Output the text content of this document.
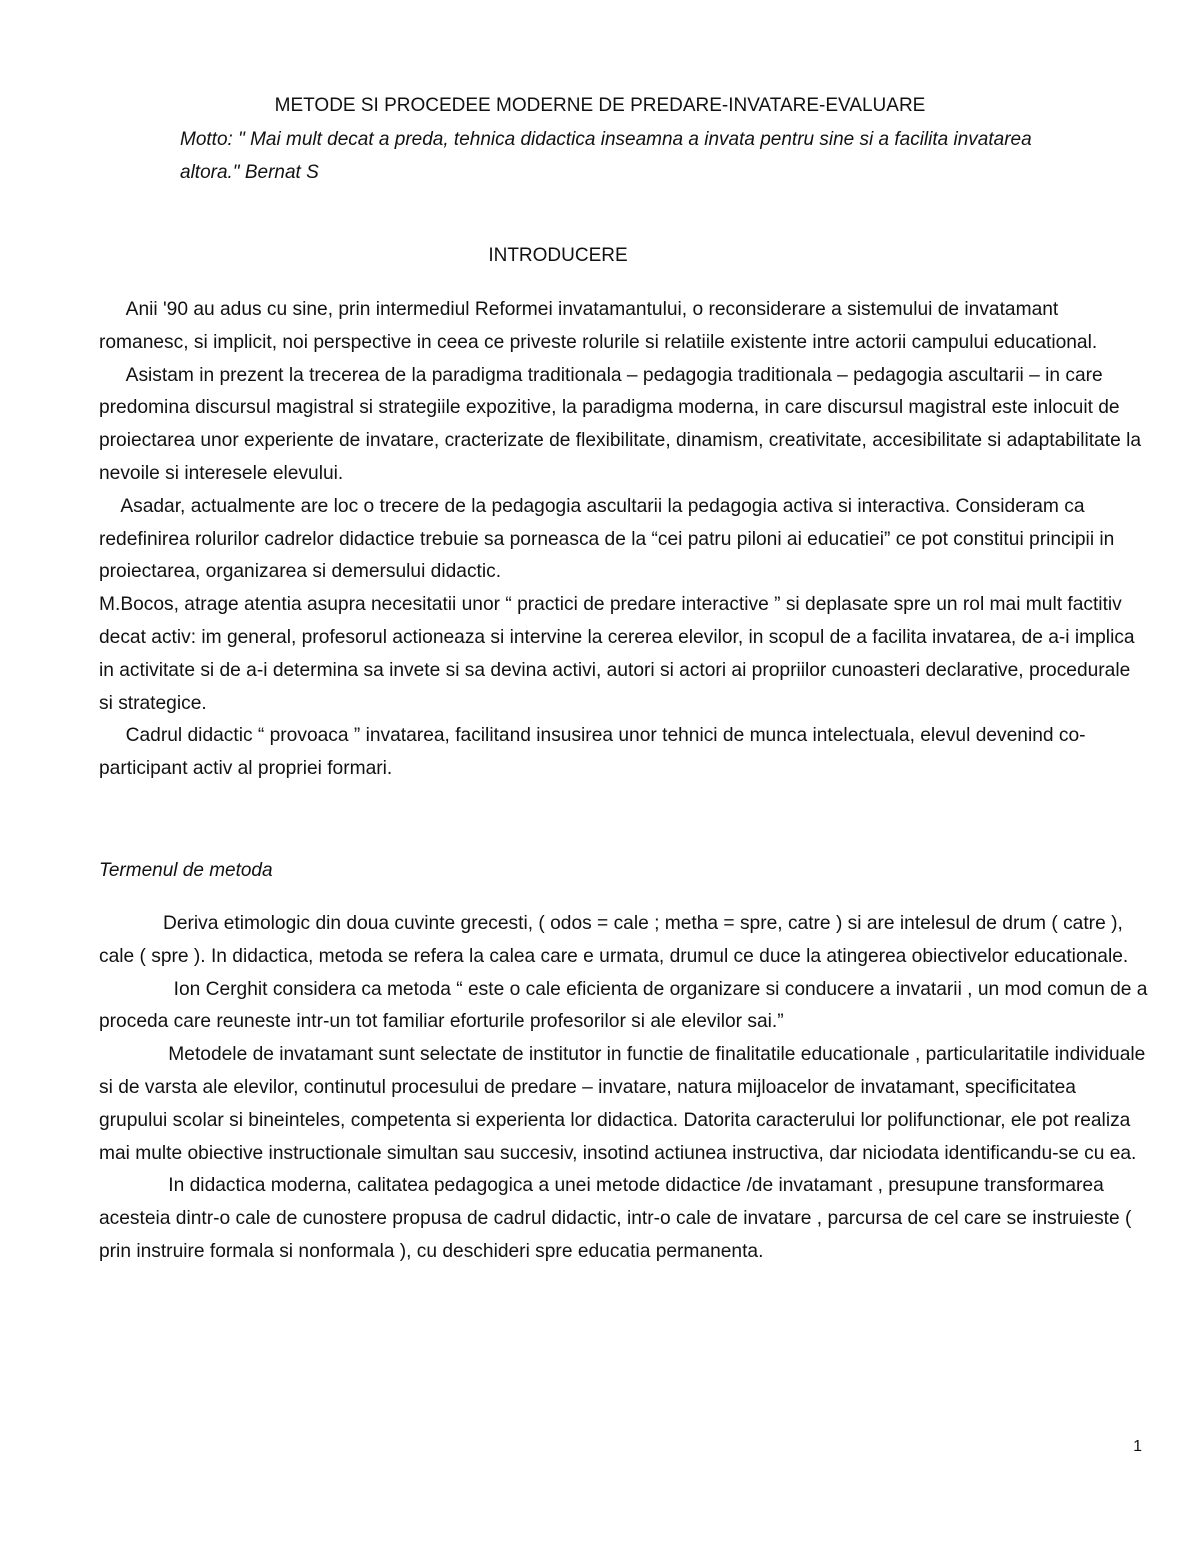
METODE SI PROCEDEE MODERNE DE PREDARE-INVATARE-EVALUARE
Motto: " Mai mult decat a preda, tehnica didactica inseamna a invata pentru sine si a facilita invatarea altora." Bernat S
INTRODUCERE

Anii '90 au adus cu sine, prin intermediul Reformei invatamantului, o reconsiderare a sistemului de invatamant romanesc, si implicit, noi perspective in ceea ce priveste rolurile si relatiile existente intre actorii campului educational.

Asistam in prezent la trecerea de la paradigma traditionala – pedagogia traditionala – pedagogia ascultarii – in care predomina discursul magistral si strategiile expozitive, la paradigma moderna, in care discursul magistral este inlocuit de proiectarea unor experiente de invatare, cracterizate de flexibilitate, dinamism, creativitate, accesibilitate si adaptabilitate la nevoile si interesele elevului.

Asadar, actualmente are loc o trecere de la pedagogia ascultarii la pedagogia activa si interactiva. Consideram ca redefinirea rolurilor cadrelor didactice trebuie sa porneasca de la “cei patru piloni ai educatiei” ce pot constitui principii in proiectarea, organizarea si demersului didactic.

M.Bocos, atrage atentia asupra necesitatii unor “ practici de predare interactive ” si deplasate spre un rol mai mult factitiv decat activ: im general, profesorul actioneaza si intervine la cererea elevilor, in scopul de a facilita invatarea, de a-i implica in activitate si de a-i determina sa invete si sa devina activi, autori si actori ai propriilor cunoasteri declarative, procedurale si strategice.

Cadrul didactic “ provoaca ” invatarea, facilitand insusirea unor tehnici de munca intelectuala, elevul devenind co-participant activ al propriei formari.

Termenul de metoda

Deriva etimologic din doua cuvinte grecesti, ( odos = cale ; metha = spre, catre ) si are intelesul de drum ( catre ), cale ( spre ). In didactica, metoda se refera la calea care e urmata, drumul ce duce la atingerea obiectivelor educationale.

Ion Cerghit considera ca metoda “ este o cale eficienta de organizare si conducere a invatarii , un mod comun de a proceda care reuneste intr-un tot familiar eforturile profesorilor si ale elevilor sai.”

Metodele de invatamant sunt selectate de institutor in functie de finalitatile educationale , particularitatile individuale si de varsta ale elevilor, continutul procesului de predare – invatare, natura mijloacelor de invatamant, specificitatea grupului scolar si bineinteles, competenta si experienta lor didactica. Datorita caracterului lor polifunctionar, ele pot realiza mai multe obiective instructionale simultan sau succesiv, insotind actiunea instructiva, dar niciodata identificandu-se cu ea.

In didactica moderna, calitatea pedagogica a unei metode didactice /de invatamant , presupune transformarea acesteia dintr-o cale de cunostere propusa de cadrul didactic, intr-o cale de invatare , parcursa de cel care se instruieste ( prin instruire formala si nonformala ), cu deschideri spre educatia permanenta.

1
